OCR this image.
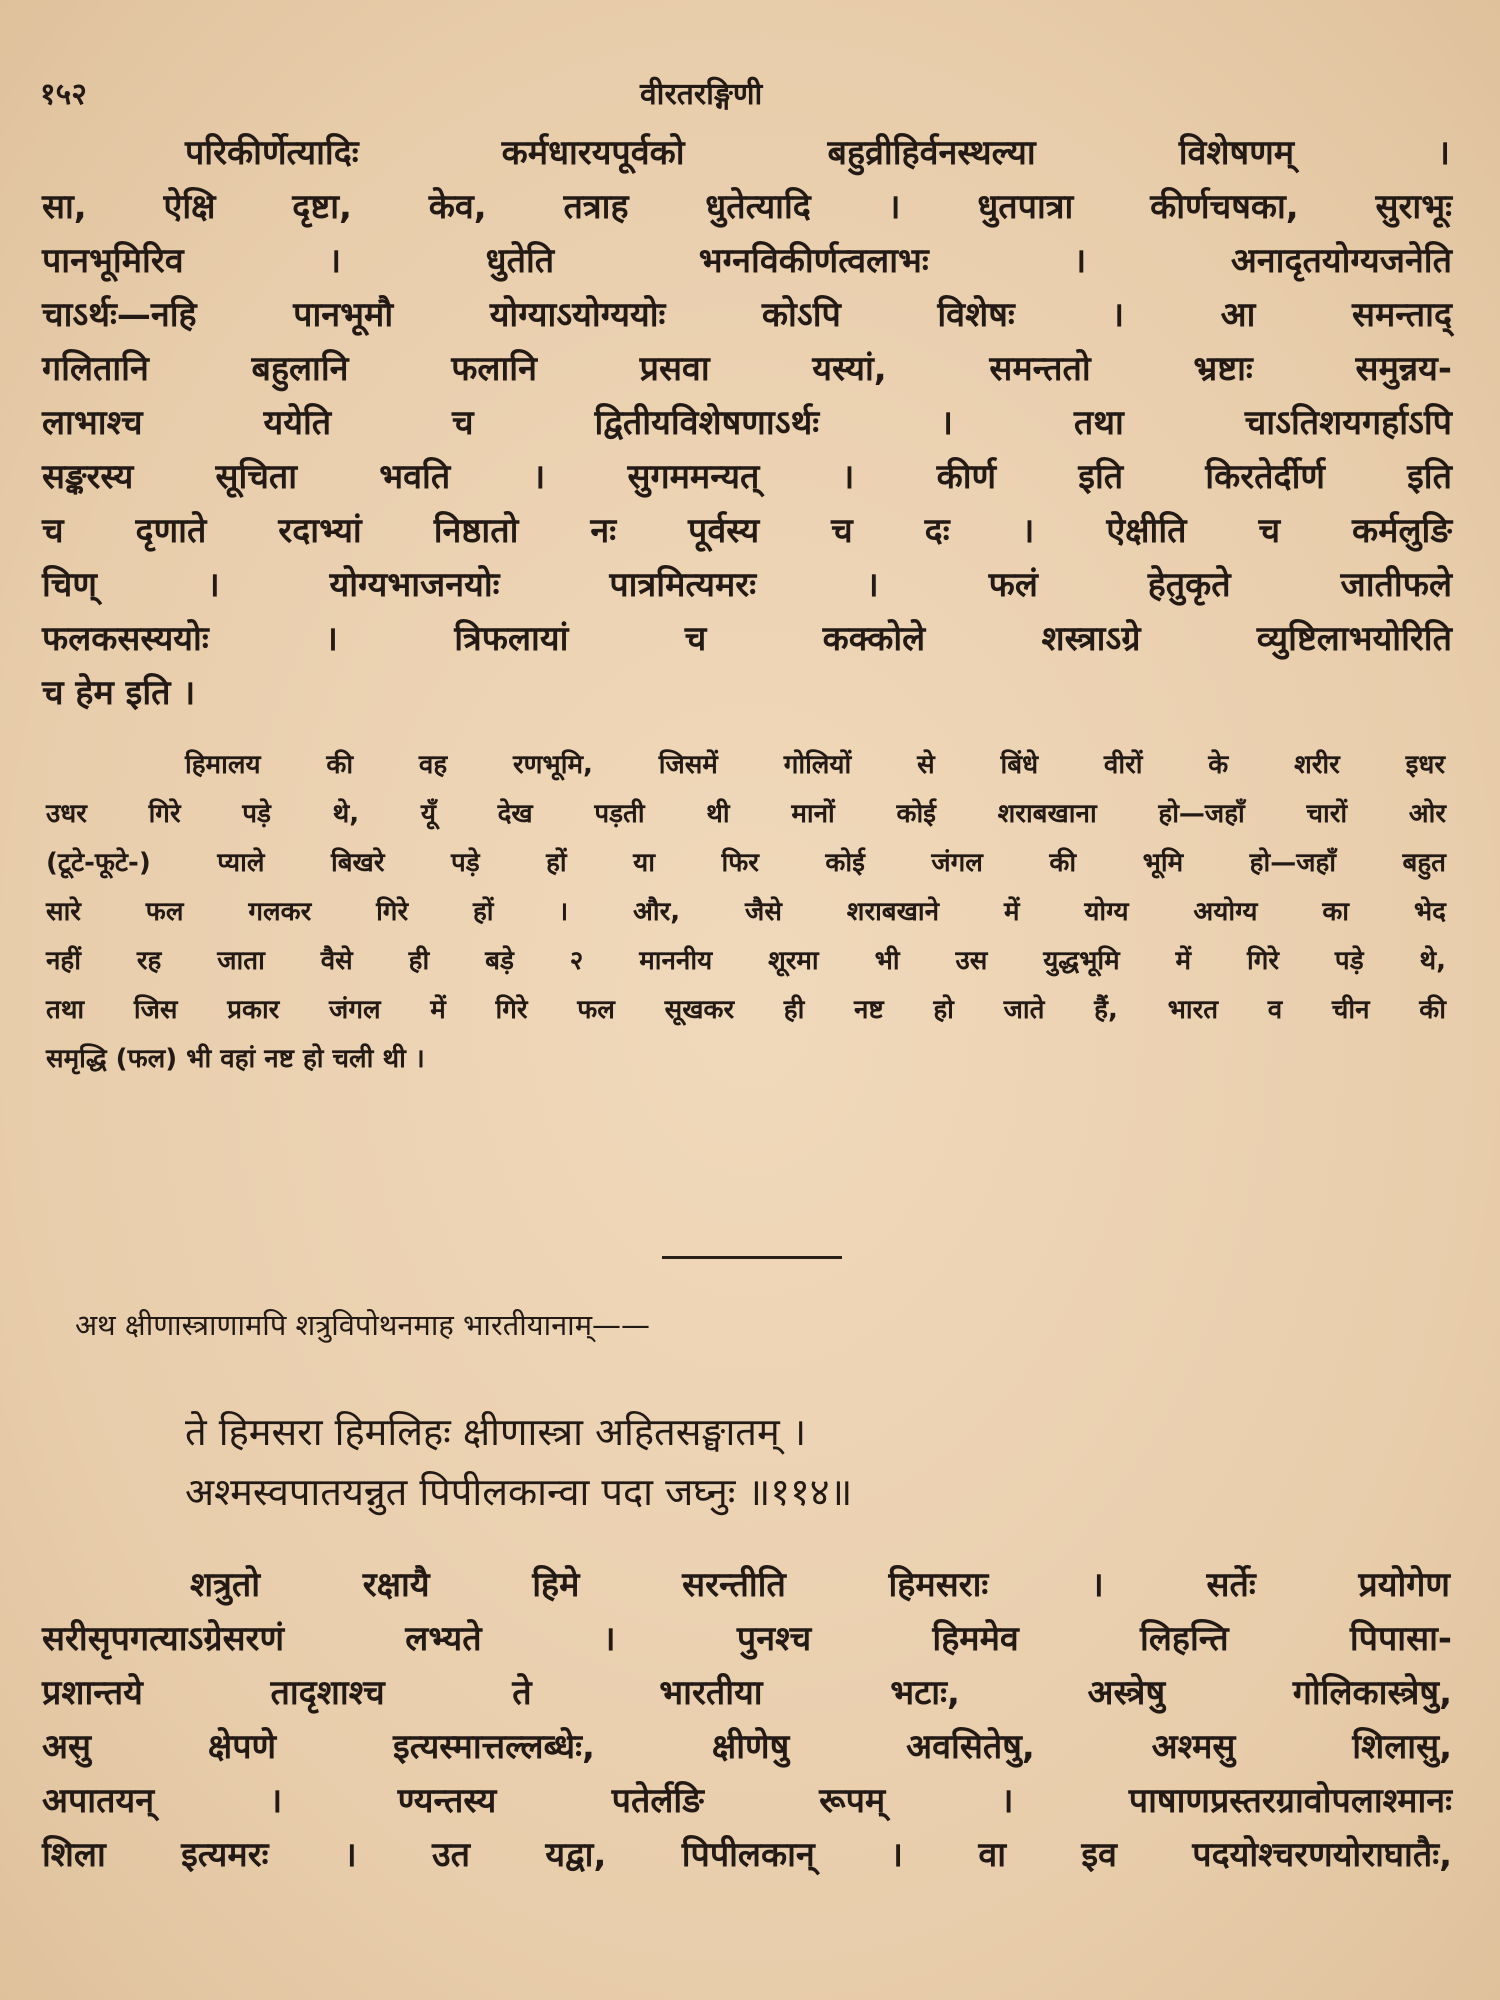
१५२	वीरतरङ्गिणी
परिकीर्णेत्यादिः कर्मधारयपूर्वको बहुव्रीहिर्वनस्थल्या विशेषणम् ।
सा, ऐक्षि दृष्टा, केव, तत्राह धुतेत्यादि । धुतपात्रा कीर्णचषका, सुराभूः
पानभूमिरिव । धुतेति भग्नविकीर्णत्वलाभः । अनादृतयोग्यजनेति
चाऽर्थः—नहि पानभूमौ योग्याऽयोग्ययोः कोऽपि विशेषः । आ समन्ताद्
गलितानि बहुलानि फलानि प्रसवा यस्यां, समन्ततो भ्रष्टाः समुन्नय-
लाभाश्च ययेति च द्वितीयविशेषणाऽर्थः । तथा चाऽतिशयगर्हाऽपि
सङ्करस्य सूचिता भवति । सुगममन्यत् । कीर्ण इति किरतेर्दीर्ण इति
च दृणाते रदाभ्यां निष्ठातो नः पूर्वस्य च दः । ऐक्षीति च कर्मलुङि
चिण् । योग्यभाजनयोः पात्रमित्यमरः । फलं हेतुकृते जातीफले
फलकसस्ययोः । त्रिफलायां च कक्कोले शस्त्राऽग्रे व्युष्टिलाभयोरिति
च हेम इति ।
हिमालय की वह रणभूमि, जिसमें गोलियों से बिंधे वीरों के शरीर इधर
उधर गिरे पड़े थे, यूँ देख पड़ती थी मानों कोई शराबखाना हो—जहाँ चारों ओर
(टूटे-फूटे-) प्याले बिखरे पड़े हों या फिर कोई जंगल की भूमि हो—जहाँ बहुत
सारे फल गलकर गिरे हों । और, जैसे शराबखाने में योग्य अयोग्य का भेद
नहीं रह जाता वैसे ही बड़े २ माननीय शूरमा भी उस युद्धभूमि में गिरे पड़े थे,
तथा जिस प्रकार जंगल में गिरे फल सूखकर ही नष्ट हो जाते हैं, भारत व चीन की
समृद्धि (फल) भी वहां नष्ट हो चली थी ।
अथ क्षीणास्त्राणामपि शत्रुविपोथनमाह भारतीयानाम्——
ते हिमसरा हिमलिहः क्षीणास्त्रा अहितसङ्घातम् ।
अश्मस्वपातयन्नुत पिपीलकान्वा पदा जघ्नुः ॥११४॥
शत्रुतो रक्षायै हिमे सरन्तीति हिमसराः । सर्तेः प्रयोगेण
सरीसृपगत्याऽग्रेसरणं लभ्यते । पुनश्च हिममेव लिहन्ति पिपासा-
प्रशान्तये तादृशाश्च ते भारतीया भटाः, अस्त्रेषु गोलिकास्त्रेषु,
असु क्षेपणे इत्यस्मात्तल्लब्धेः, क्षीणेषु अवसितेषु, अश्मसु शिलासु,
अपातयन् । ण्यन्तस्य पतेर्लङि रूपम् । पाषाणप्रस्तरग्रावोपलाश्मानः
शिला इत्यमरः । उत यद्वा, पिपीलकान् । वा इव पदयोश्चरणयोराघातैः,
